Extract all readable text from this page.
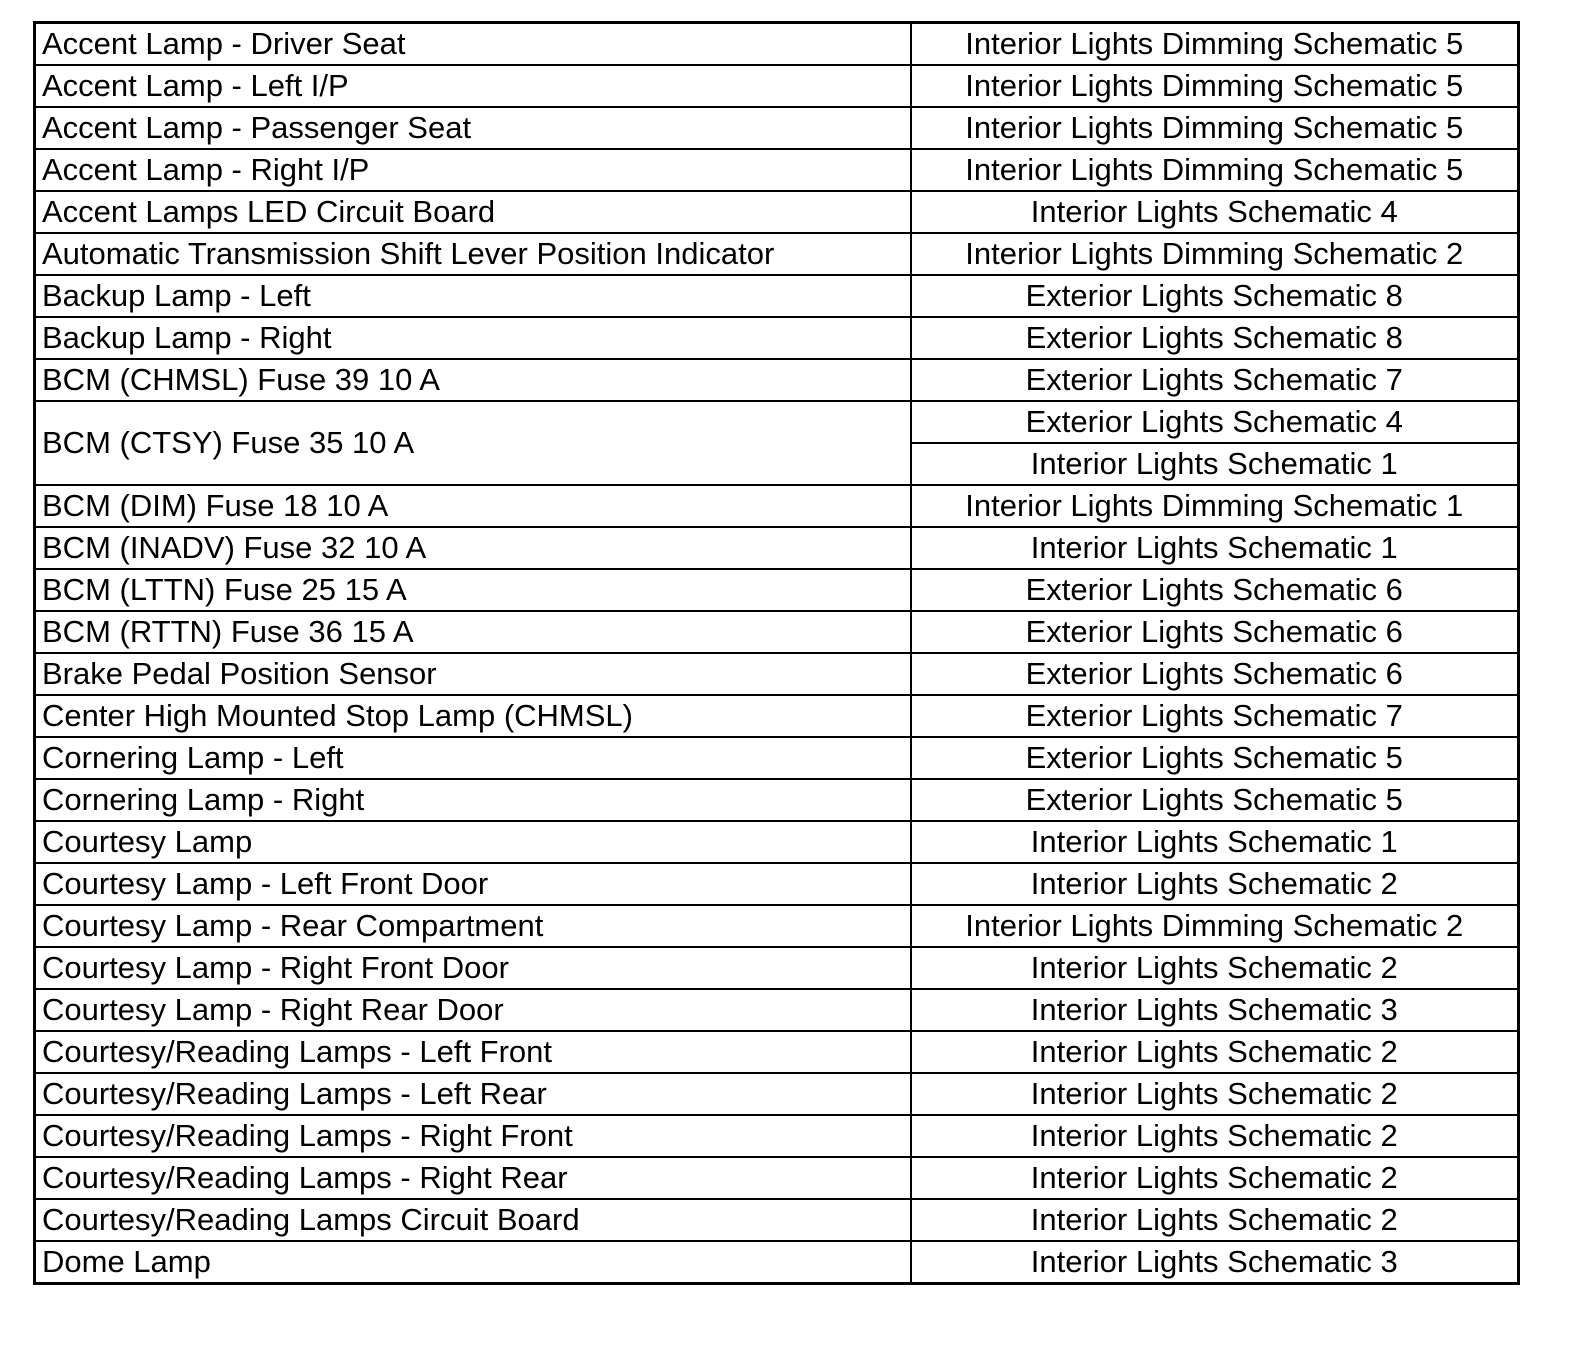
Accent Lamp - Driver Seat	Interior Lights Dimming Schematic 5
Accent Lamp - Left I/P	Interior Lights Dimming Schematic 5
Accent Lamp - Passenger Seat	Interior Lights Dimming Schematic 5
Accent Lamp - Right I/P	Interior Lights Dimming Schematic 5
Accent Lamps LED Circuit Board	Interior Lights Schematic 4
Automatic Transmission Shift Lever Position Indicator	Interior Lights Dimming Schematic 2
Backup Lamp - Left	Exterior Lights Schematic 8
Backup Lamp - Right	Exterior Lights Schematic 8
BCM (CHMSL) Fuse 39 10 A	Exterior Lights Schematic 7
BCM (CTSY) Fuse 35 10 A	Exterior Lights Schematic 4
	Interior Lights Schematic 1
BCM (DIM) Fuse 18 10 A	Interior Lights Dimming Schematic 1
BCM (INADV) Fuse 32 10 A	Interior Lights Schematic 1
BCM (LTTN) Fuse 25 15 A	Exterior Lights Schematic 6
BCM (RTTN) Fuse 36 15 A	Exterior Lights Schematic 6
Brake Pedal Position Sensor	Exterior Lights Schematic 6
Center High Mounted Stop Lamp (CHMSL)	Exterior Lights Schematic 7
Cornering Lamp - Left	Exterior Lights Schematic 5
Cornering Lamp - Right	Exterior Lights Schematic 5
Courtesy Lamp	Interior Lights Schematic 1
Courtesy Lamp - Left Front Door	Interior Lights Schematic 2
Courtesy Lamp - Rear Compartment	Interior Lights Dimming Schematic 2
Courtesy Lamp - Right Front Door	Interior Lights Schematic 2
Courtesy Lamp - Right Rear Door	Interior Lights Schematic 3
Courtesy/Reading Lamps - Left Front	Interior Lights Schematic 2
Courtesy/Reading Lamps - Left Rear	Interior Lights Schematic 2
Courtesy/Reading Lamps - Right Front	Interior Lights Schematic 2
Courtesy/Reading Lamps - Right Rear	Interior Lights Schematic 2
Courtesy/Reading Lamps Circuit Board	Interior Lights Schematic 2
Dome Lamp	Interior Lights Schematic 3
